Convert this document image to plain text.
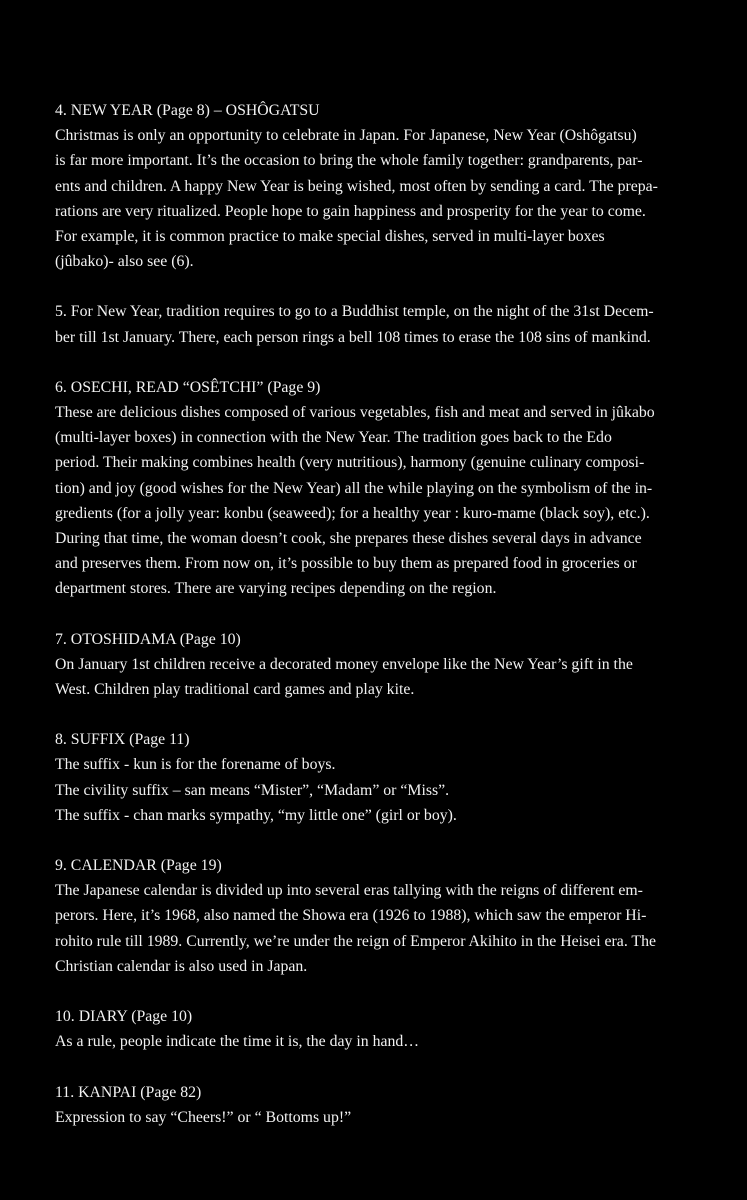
4. NEW YEAR (Page 8) – OSHÔGATSU
Christmas is only an opportunity to celebrate in Japan. For Japanese, New Year (Oshôgatsu)
is far more important. It’s the occasion to bring the whole family together: grandparents, par-
ents and children. A happy New Year is being wished, most often by sending a card. The prepa-
rations are very ritualized. People hope to gain happiness and prosperity for the year to come.
For example, it is common practice to make special dishes, served in multi-layer boxes
(jûbako)- also see (6).
5. For New Year, tradition requires to go to a Buddhist temple, on the night of the 31st Decem-
ber till 1st January. There, each person rings a bell 108 times to erase the 108 sins of mankind.
6. OSECHI, READ “OSÊTCHI” (Page 9)
These are delicious dishes composed of various vegetables, fish and meat and served in jûkabo
(multi-layer boxes) in connection with the New Year. The tradition goes back to the Edo
period. Their making combines health (very nutritious), harmony (genuine culinary composi-
tion) and joy (good wishes for the New Year) all the while playing on the symbolism of the in-
gredients (for a jolly year: konbu (seaweed); for a healthy year : kuro-mame (black soy), etc.).
During that time, the woman doesn’t cook, she prepares these dishes several days in advance
and preserves them. From now on, it’s possible to buy them as prepared food in groceries or
department stores. There are varying recipes depending on the region.
7. OTOSHIDAMA (Page 10)
On January 1st children receive a decorated money envelope like the New Year’s gift in the
West. Children play traditional card games and play kite.
8. SUFFIX (Page 11)
The suffix - kun is for the forename of boys.
The civility suffix – san means “Mister”, “Madam” or “Miss”.
The suffix - chan marks sympathy, “my little one” (girl or boy).
9. CALENDAR (Page 19)
The Japanese calendar is divided up into several eras tallying with the reigns of different em-
perors. Here, it’s 1968, also named the Showa era (1926 to 1988), which saw the emperor Hi-
rohito rule till 1989. Currently, we’re under the reign of Emperor Akihito in the Heisei era. The
Christian calendar is also used in Japan.
10. DIARY (Page 10)
As a rule, people indicate the time it is, the day in hand…
11. KANPAI (Page 82)
Expression to say “Cheers!” or “ Bottoms up!”
